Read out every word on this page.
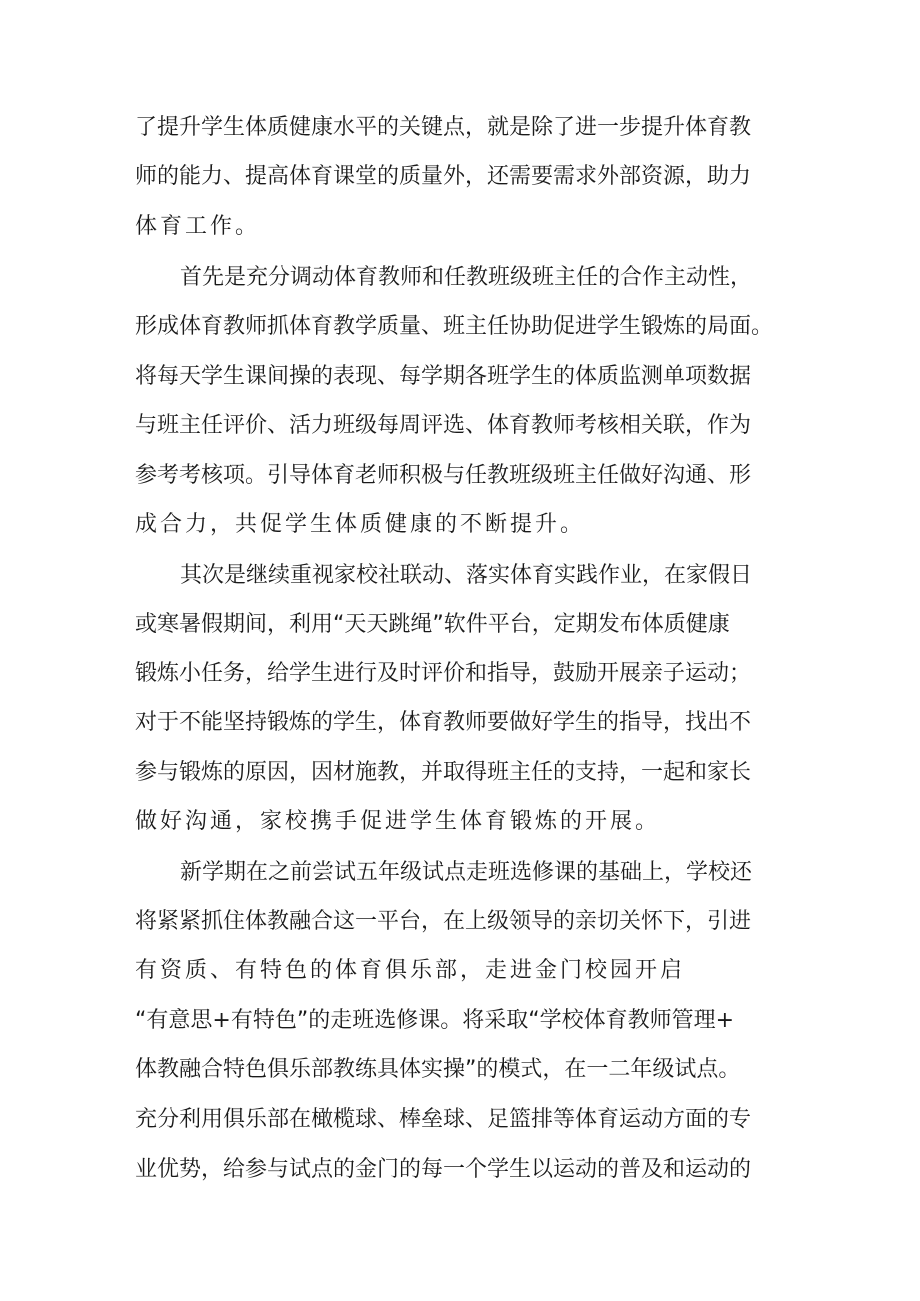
了提升学生体质健康水平的关键点，就是除了进一步提升体育教
师的能力、提高体育课堂的质量外，还需要需求外部资源，助力
体育工作。
首先是充分调动体育教师和任教班级班主任的合作主动性，
形成体育教师抓体育教学质量、班主任协助促进学生锻炼的局面。
将每天学生课间操的表现、每学期各班学生的体质监测单项数据
与班主任评价、活力班级每周评选、体育教师考核相关联，作为
参考考核项。引导体育老师积极与任教班级班主任做好沟通、形
成合力，共促学生体质健康的不断提升。
其次是继续重视家校社联动、落实体育实践作业，在家假日
或寒暑假期间，利用“天天跳绳”软件平台，定期发布体质健康
锻炼小任务，给学生进行及时评价和指导，鼓励开展亲子运动；
对于不能坚持锻炼的学生，体育教师要做好学生的指导，找出不
参与锻炼的原因，因材施教，并取得班主任的支持，一起和家长
做好沟通，家校携手促进学生体育锻炼的开展。
新学期在之前尝试五年级试点走班选修课的基础上，学校还
将紧紧抓住体教融合这一平台，在上级领导的亲切关怀下，引进
有资质、有特色的体育俱乐部，走进金门校园开启
“有意思+有特色”的走班选修课。将采取“学校体育教师管理+
体教融合特色俱乐部教练具体实操”的模式，在一二年级试点。
充分利用俱乐部在橄榄球、棒垒球、足篮排等体育运动方面的专
业优势，给参与试点的金门的每一个学生以运动的普及和运动的
